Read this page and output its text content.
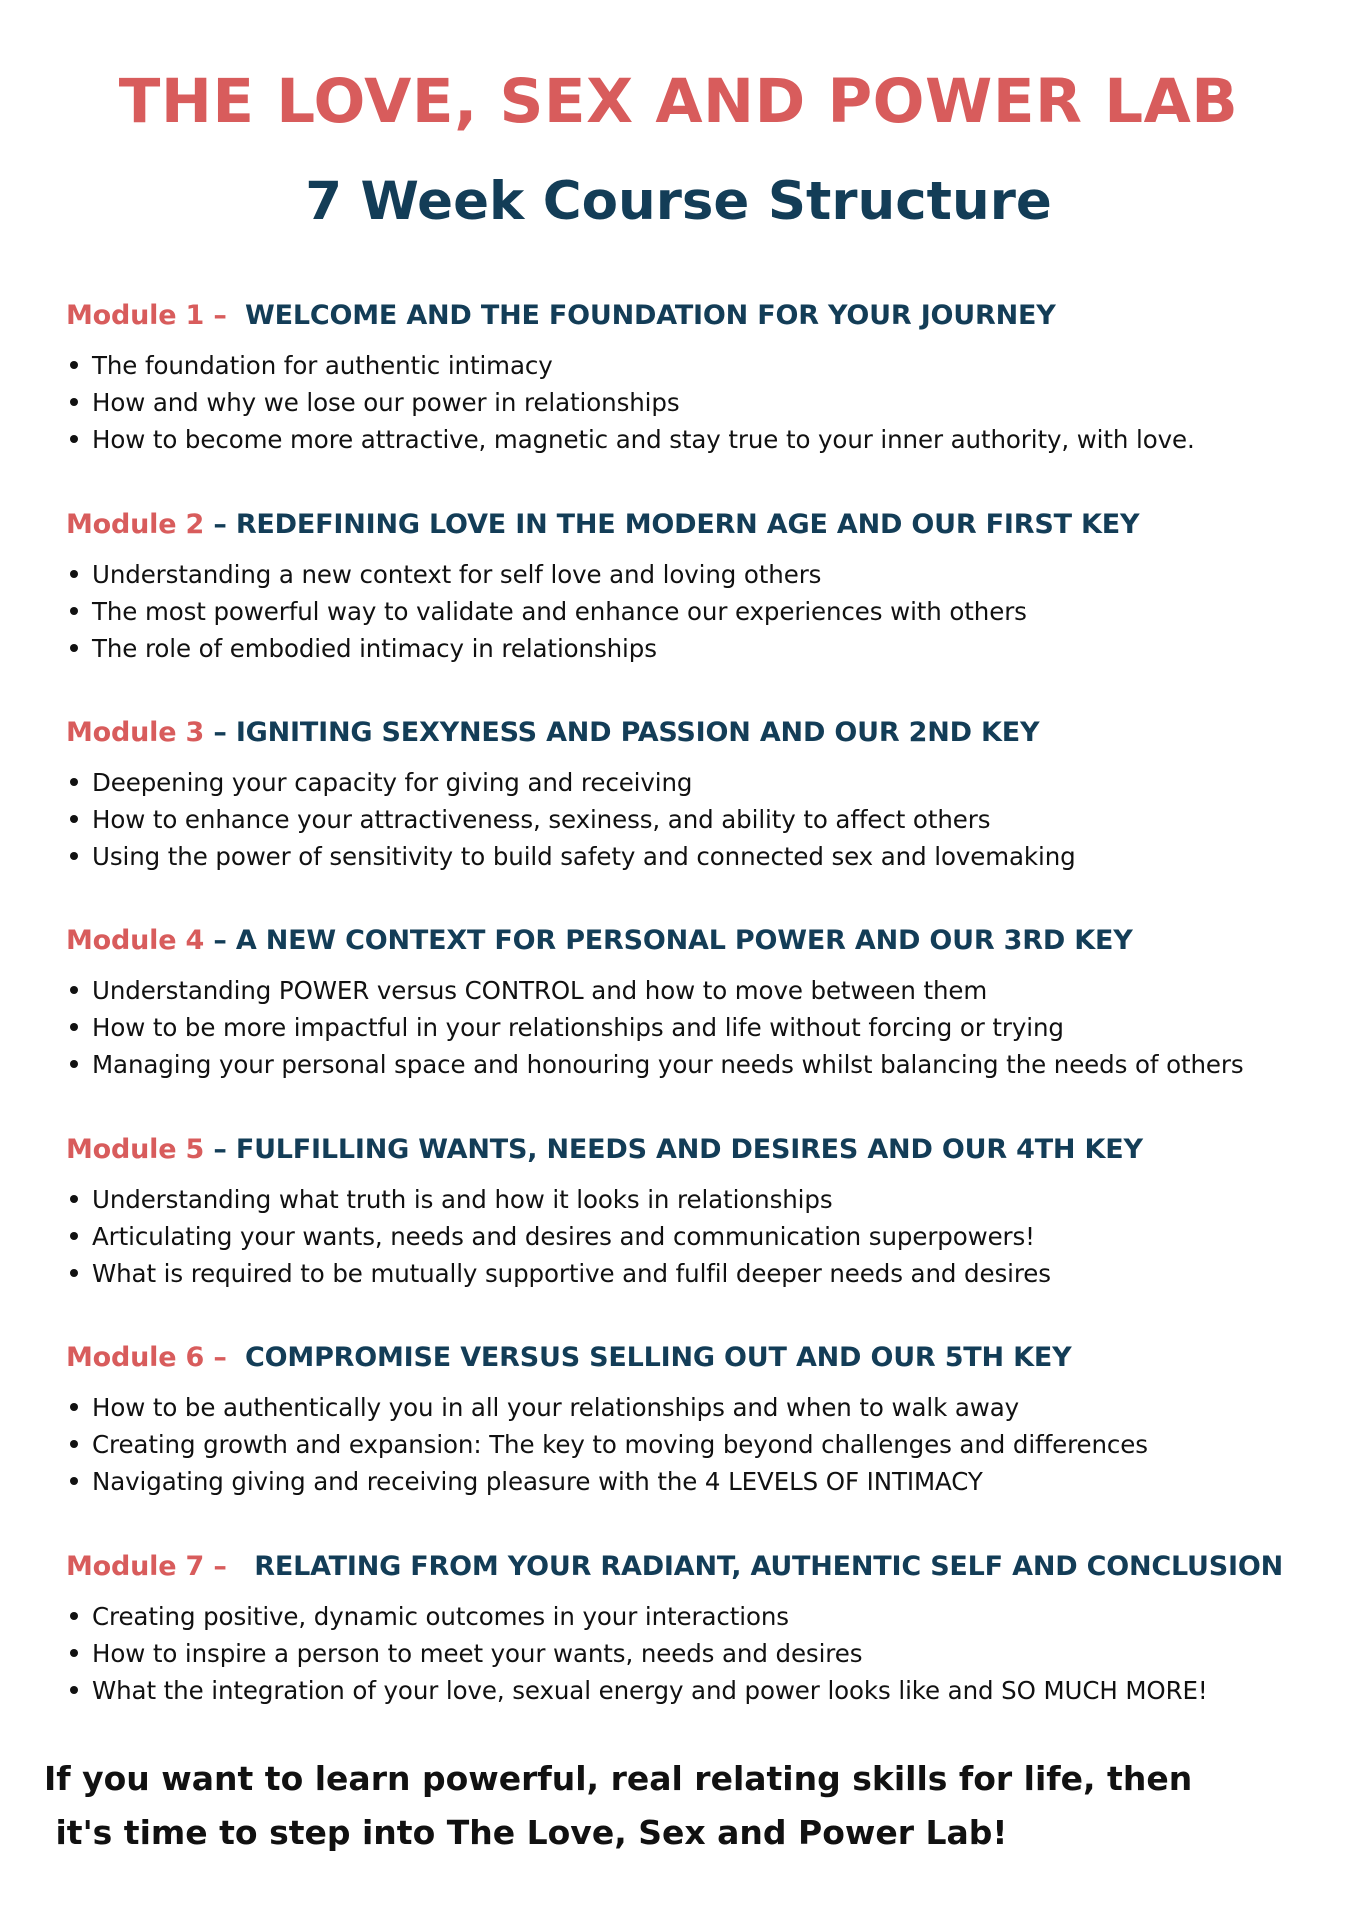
THE LOVE, SEX AND POWER LAB
7 Week Course Structure
Module 1 –  WELCOME AND THE FOUNDATION FOR YOUR JOURNEY
The foundation for authentic intimacy
How and why we lose our power in relationships
How to become more attractive, magnetic and stay true to your inner authority, with love.
Module 2 – REDEFINING LOVE IN THE MODERN AGE AND OUR FIRST KEY
Understanding a new context for self love and loving others
The most powerful way to validate and enhance our experiences with others
The role of embodied intimacy in relationships
Module 3 – IGNITING SEXYNESS AND PASSION AND OUR 2ND KEY
Deepening your capacity for giving and receiving
How to enhance your attractiveness, sexiness, and ability to affect others
Using the power of sensitivity to build safety and connected sex and lovemaking
Module 4 – A NEW CONTEXT FOR PERSONAL POWER AND OUR 3RD KEY
Understanding POWER versus CONTROL and how to move between them
How to be more impactful in your relationships and life without forcing or trying
Managing your personal space and honouring your needs whilst balancing the needs of others
Module 5 – FULFILLING WANTS, NEEDS AND DESIRES AND OUR 4TH KEY
Understanding what truth is and how it looks in relationships
Articulating your wants, needs and desires and communication superpowers!
What is required to be mutually supportive and fulfil deeper needs and desires
Module 6 –  COMPROMISE VERSUS SELLING OUT AND OUR 5TH KEY
How to be authentically you in all your relationships and when to walk away
Creating growth and expansion: The key to moving beyond challenges and differences
Navigating giving and receiving pleasure with the 4 LEVELS OF INTIMACY
Module 7 –   RELATING FROM YOUR RADIANT, AUTHENTIC SELF AND CONCLUSION
Creating positive, dynamic outcomes in your interactions
How to inspire a person to meet your wants, needs and desires
What the integration of your love, sexual energy and power looks like and SO MUCH MORE!
If you want to learn powerful, real relating skills for life, then
it's time to step into The Love, Sex and Power Lab!
